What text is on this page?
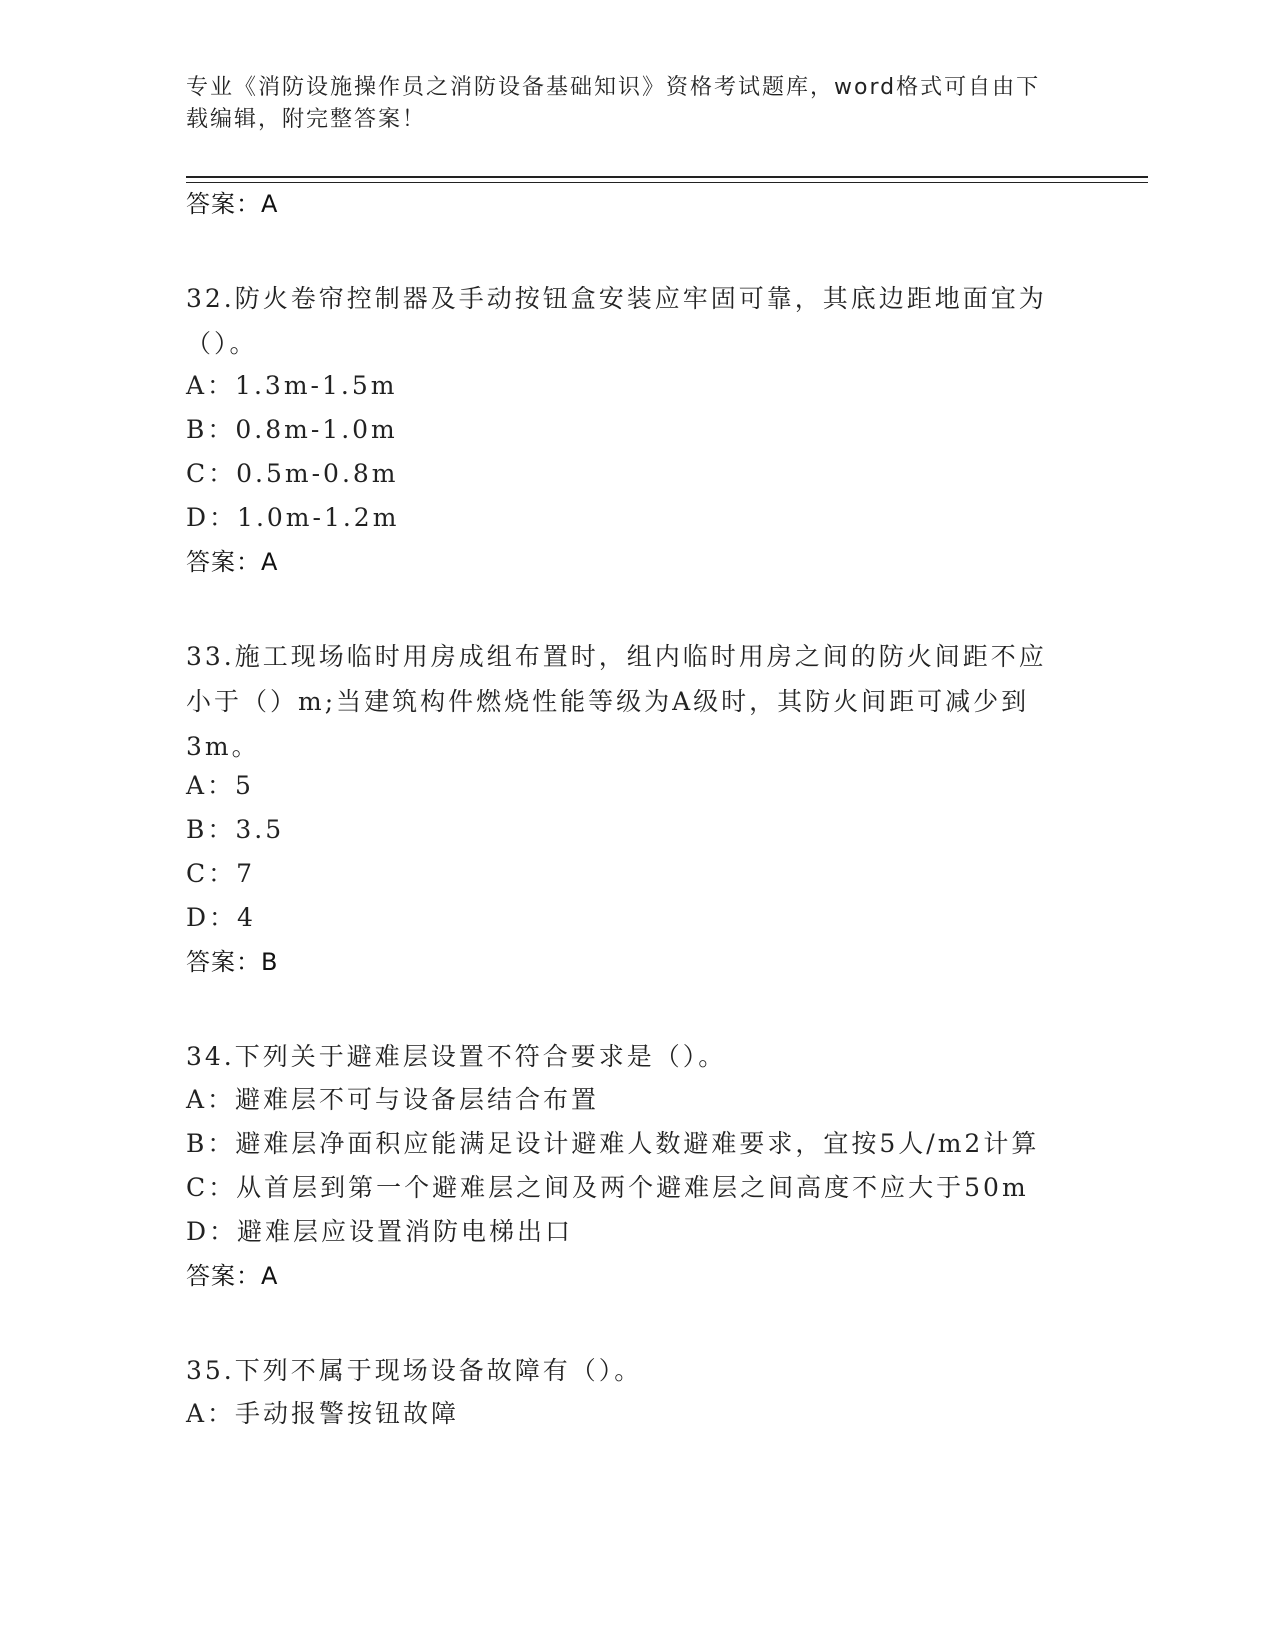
专业《消防设施操作员之消防设备基础知识》资格考试题库，word格式可自由下
载编辑，附完整答案！
答案：A
32.防火卷帘控制器及手动按钮盒安装应牢固可靠，其底边距地面宜为
（）。
A：1.3m-1.5m
B：0.8m-1.0m
C：0.5m-0.8m
D：1.0m-1.2m
答案：A
33.施工现场临时用房成组布置时，组内临时用房之间的防火间距不应
小于（）m;当建筑构件燃烧性能等级为A级时，其防火间距可减少到
3m。
A：5
B：3.5
C：7
D：4
答案：B
34.下列关于避难层设置不符合要求是（）。
A：避难层不可与设备层结合布置
B：避难层净面积应能满足设计避难人数避难要求，宜按5人/m2计算
C：从首层到第一个避难层之间及两个避难层之间高度不应大于50m
D：避难层应设置消防电梯出口
答案：A
35.下列不属于现场设备故障有（）。
A：手动报警按钮故障
